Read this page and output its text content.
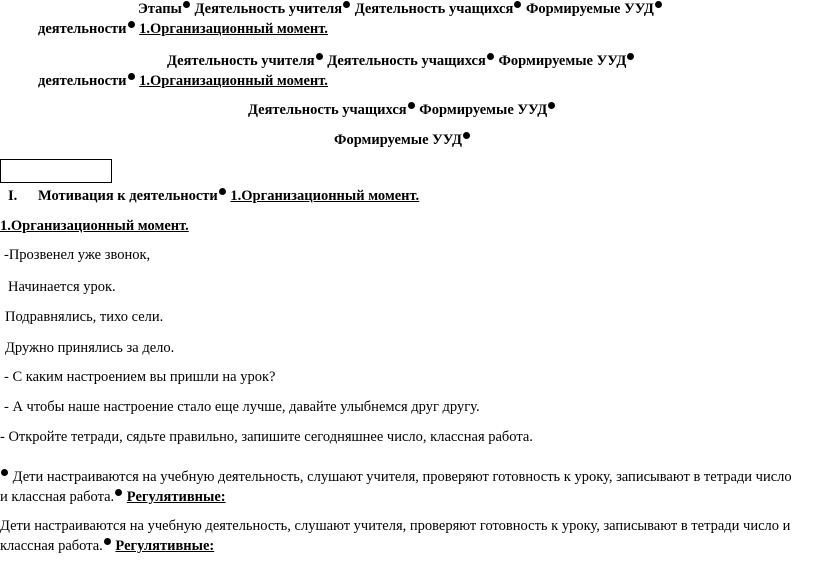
Этапы Деятельность учителя Деятельность учащихся Формируемые УУД
деятельности 1.Организационный момент.
Деятельность учителя Деятельность учащихся Формируемые УУД
деятельности 1.Организационный момент.
Деятельность учащихся Формируемые УУД
Формируемые УУД
I. Мотивация к деятельности 1.Организационный момент.
1.Организационный момент.
-Прозвенел уже звонок,
Начинается урок.
Подравнялись, тихо сели.
Дружно принялись за дело.
- С каким настроением вы пришли на урок?
- А чтобы наше настроение стало еще лучше, давайте улыбнемся друг другу.
- Откройте тетради, сядьте правильно, запишите сегодняшнее число, классная работа.
Дети настраиваются на учебную деятельность, слушают учителя, проверяют готовность к уроку, записывают в тетради число
и классная работа. Регулятивные:
Дети настраиваются на учебную деятельность, слушают учителя, проверяют готовность к уроку, записывают в тетради число и
классная работа. Регулятивные:
